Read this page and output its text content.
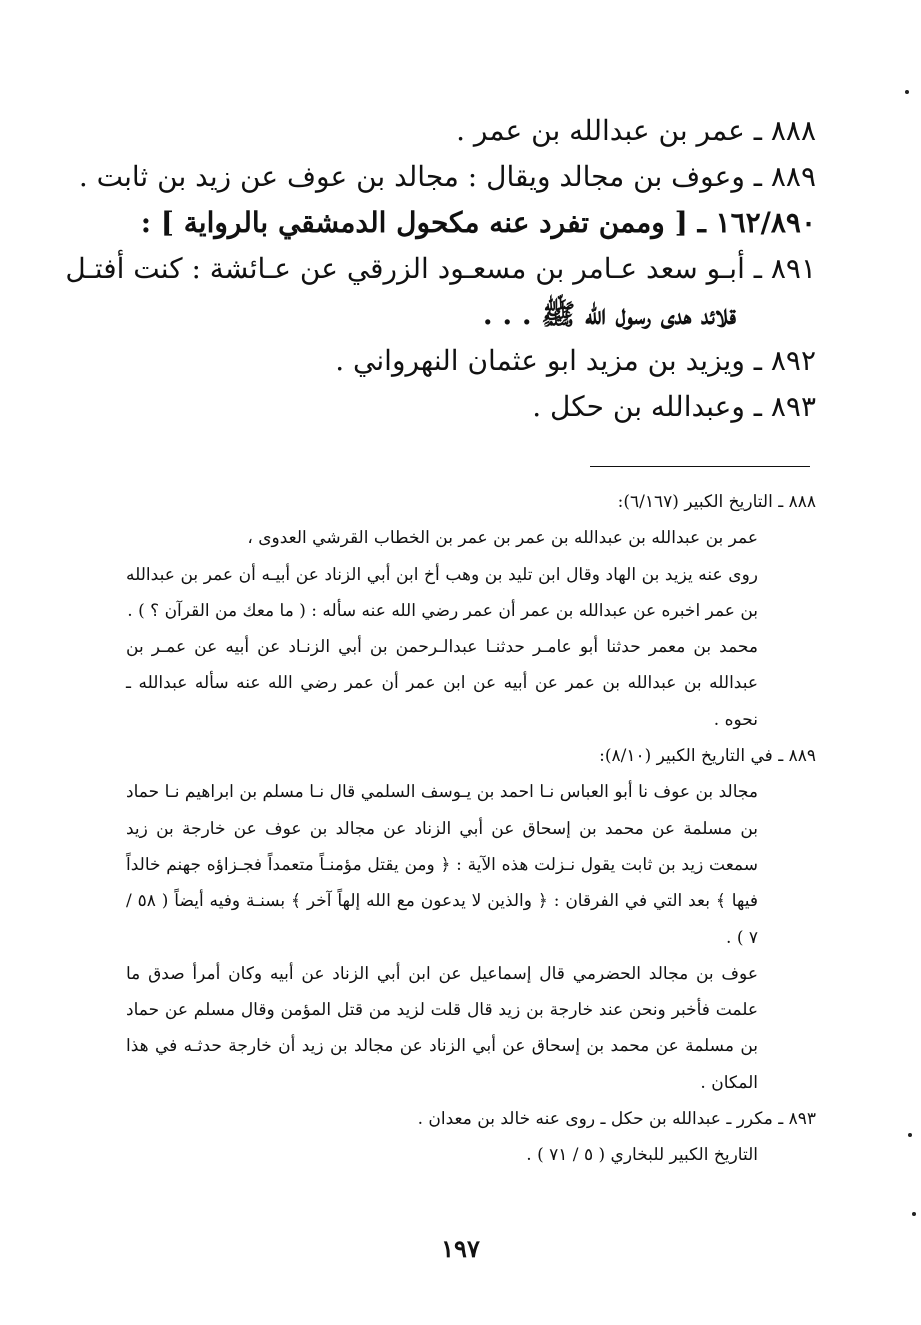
٨٨٨ ـ عمر بن عبدالله بن عمر .
٨٨٩ ـ وعوف بن مجالد ويقال : مجالد بن عوف عن زيد بن ثابت .
١٦٢/٨٩٠ ـ [ وممن تفرد عنه مكحول الدمشقي بالرواية ] :
٨٩١ ـ أبـو سعد عـامر بن مسعـود الزرقي عن عـائشة : كنت أفتـل
قلائد هدى رسول الله ﷺ . . .
٨٩٢ ـ ويزيد بن مزيد ابو عثمان النهرواني .
٨٩٣ ـ وعبدالله بن حكل .
٨٨٨ ـ التاريخ الكبير (٦/١٦٧):

عمر بن عبدالله بن عبدالله بن عمر بن عمر بن الخطاب القرشي العدوى ،

روى عنه يزيد بن الهاد وقال ابن تليد بن وهب أخ ابن أبي الزناد عن أبيـه أن عمر بن عبدالله بن عمر اخبره عن عبدالله بن عمر أن عمر رضي الله عنه سأله : ( ما معك من القرآن ؟ ) .

محمد بن معمر حدثنا أبو عامـر حدثنـا عبدالـرحمن بن أبي الزنـاد عن أبيه عن عمـر بن عبدالله بن عبدالله بن عمر عن أبيه عن ابن عمر أن عمر رضي الله عنه سأله عبدالله ـ نحوه .

٨٨٩ ـ في التاريخ الكبير (٨/١٠):

مجالد بن عوف نا أبو العباس نـا احمد بن يـوسف السلمي قال نـا مسلم بن ابراهيم نـا حماد بن مسلمة عن محمد بن إسحاق عن أبي الزناد عن مجالد بن عوف عن خارجة بن زيد سمعت زيد بن ثابت يقول نـزلت هذه الآية : ﴿ ومن يقتل مؤمنـاً متعمداً فجـزاؤه جهنم خالداً فيها ﴾ بعد التي في الفرقان : ﴿ والذين لا يدعون مع الله إلهاً آخر ﴾ بسنـة وفيه أيضاً ( ٥٨ / ٧ ) .

عوف بن مجالد الحضرمي قال إسماعيل عن ابن أبي الزناد عن أبيه وكان أمرأ صدق ما علمت فأخبر ونحن عند خارجة بن زيد قال قلت لزيد من قتل المؤمن وقال مسلم عن حماد بن مسلمة عن محمد بن إسحاق عن أبي الزناد عن مجالد بن زيد أن خارجة حدثـه في هذا المكان .

٨٩٣ ـ مكرر ـ عبدالله بن حكل ـ روى عنه خالد بن معدان .

التاريخ الكبير للبخاري ( ٥ / ٧١ ) .

١٩٧
